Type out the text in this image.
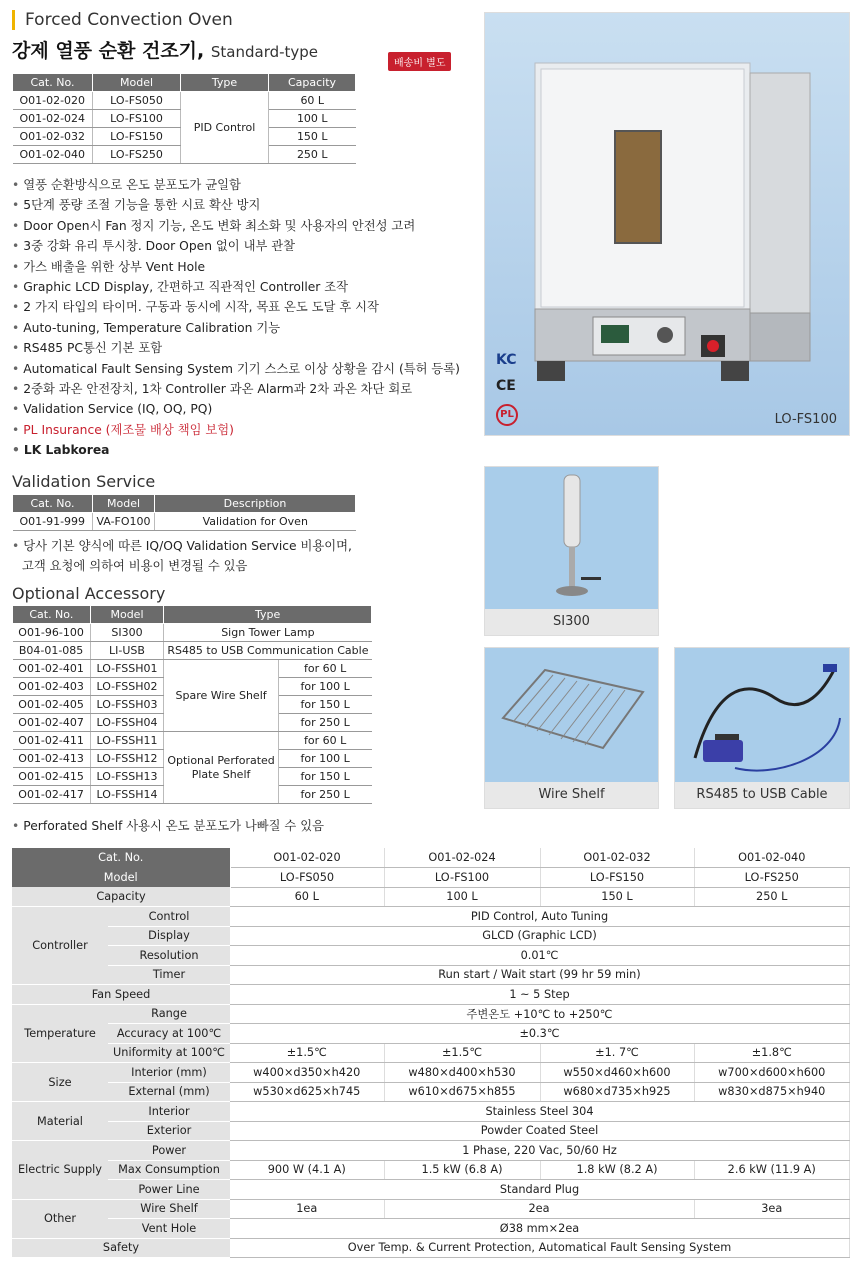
Forced Convection Oven
강제 열풍 순환 건조기, Standard-type
배송비 별도
Cat. No.	Model	Type	Capacity
O01-02-020	LO-FS050	PID Control	60 L
O01-02-024	LO-FS100		100 L
O01-02-032	LO-FS150		150 L
O01-02-040	LO-FS250		250 L
• 열풍 순환방식으로 온도 분포도가 균일함
• 5단계 풍량 조절 기능을 통한 시료 확산 방지
• Door Open시 Fan 정지 기능, 온도 변화 최소화 및 사용자의 안전성 고려
• 3중 강화 유리 투시창. Door Open 없이 내부 관찰
• 가스 배출을 위한 상부 Vent Hole
• Graphic LCD Display, 간편하고 직관적인 Controller 조작
• 2 가지 타입의 타이머. 구동과 동시에 시작, 목표 온도 도달 후 시작
• Auto-tuning, Temperature Calibration 기능
• RS485 PC통신 기본 포함
• Automatical Fault Sensing System 기기 스스로 이상 상황을 감시 (특허 등록)
• 2중화 과온 안전장치, 1차 Controller 과온 Alarm과 2차 과온 차단 회로
• Validation Service (IQ, OQ, PQ)
• PL Insurance (제조물 배상 책임 보험)
• LK Labkorea
Validation Service
Cat. No.	Model	Description
O01-91-999	VA-FO100	Validation for Oven
• 당사 기본 양식에 따른 IQ/OQ Validation Service 비용이며,
고객 요청에 의하여 비용이 변경될 수 있음
Optional Accessory
Cat. No.	Model	Type	
O01-96-100	SI300	Sign Tower Lamp	
B04-01-085	LI-USB	RS485 to USB Communication Cable	
O01-02-401	LO-FSSH01	Spare Wire Shelf	for 60 L
O01-02-403	LO-FSSH02		for 100 L
O01-02-405	LO-FSSH03		for 150 L
O01-02-407	LO-FSSH04		for 250 L
O01-02-411	LO-FSSH11	Optional Perforated
Plate Shelf	for 60 L
O01-02-413	LO-FSSH12		for 100 L
O01-02-415	LO-FSSH13		for 150 L
O01-02-417	LO-FSSH14		for 250 L
• Perforated Shelf 사용시 온도 분포도가 나빠질 수 있음
LO-FS100
KC
CE
PL
SI300
Wire Shelf	RS485 to USB Cable
Cat. No.		O01-02-020	O01-02-024	O01-02-032	O01-02-040
Model		LO-FS050	LO-FS100	LO-FS150	LO-FS250
Capacity		60 L	100 L	150 L	250 L
Controller	Control	PID Control, Auto Tuning			
	Display	GLCD (Graphic LCD)			
	Resolution	0.01℃			
	Timer	Run start / Wait start (99 hr 59 min)			
Fan Speed		1 ~ 5 Step			
Temperature	Range	주변온도 +10℃ to +250℃			
	Accuracy at 100℃	±0.3℃			
	Uniformity at 100℃	±1.5℃	±1.5℃	±1. 7℃	±1.8℃
Size	Interior (mm)	w400×d350×h420	w480×d400×h530	w550×d460×h600	w700×d600×h600
	External (mm)	w530×d625×h745	w610×d675×h855	w680×d735×h925	w830×d875×h940
Material	Interior	Stainless Steel 304			
	Exterior	Powder Coated Steel			
Electric Supply	Power	1 Phase, 220 Vac, 50/60 Hz			
	Max Consumption	900 W (4.1 A)	1.5 kW (6.8 A)	1.8 kW (8.2 A)	2.6 kW (11.9 A)
	Power Line	Standard Plug			
Other	Wire Shelf	1ea	2ea		3ea
	Vent Hole	Ø38 mm×2ea			
Safety		Over Temp. & Current Protection, Automatical Fault Sensing System			
